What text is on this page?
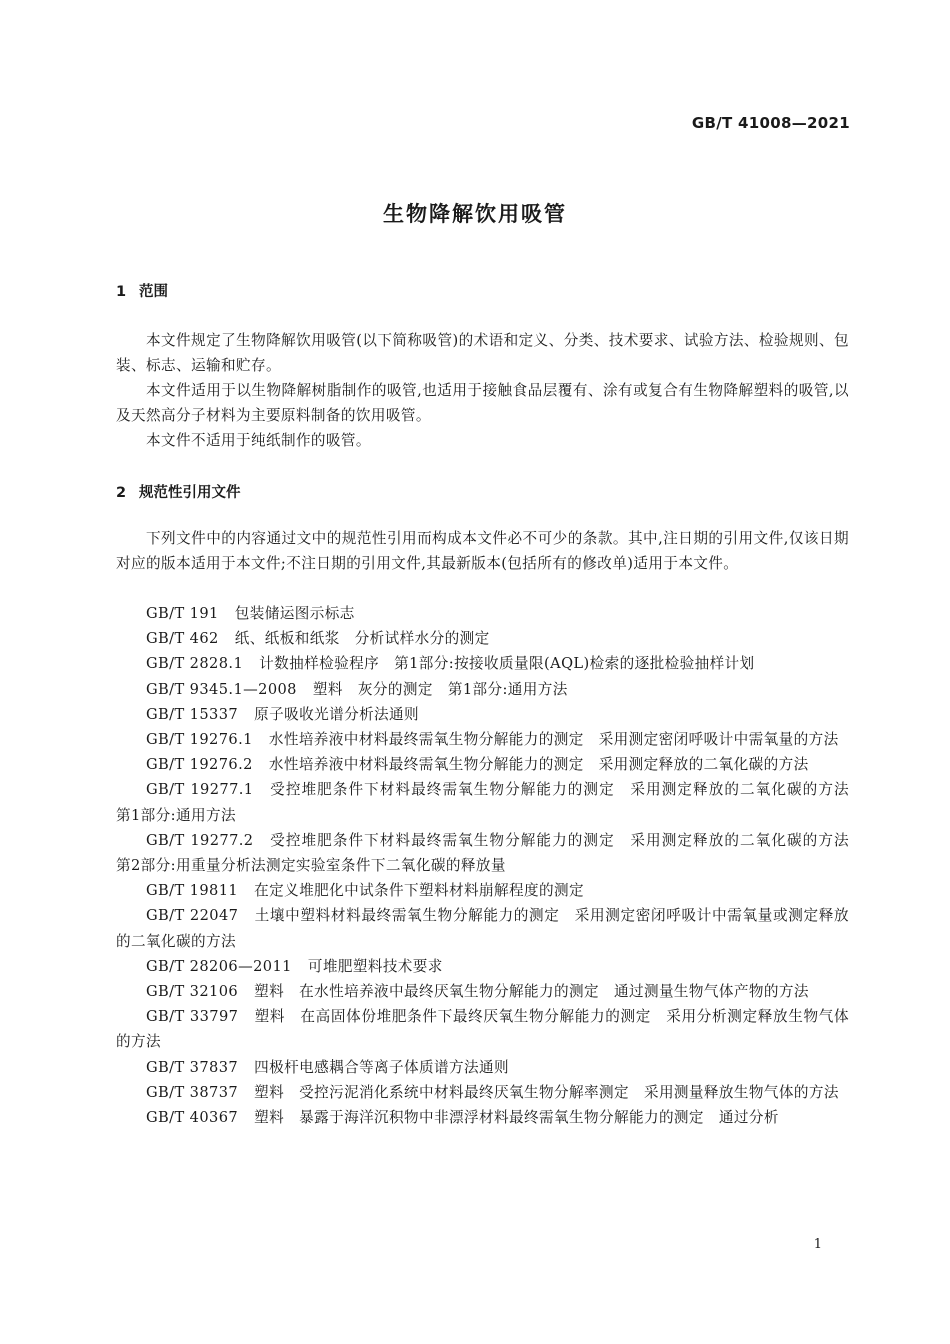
GB/T 41008—2021
生物降解饮用吸管
1 范围

本文件规定了生物降解饮用吸管(以下简称吸管)的术语和定义、分类、技术要求、试验方法、检验规则、包装、标志、运输和贮存。

本文件适用于以生物降解树脂制作的吸管,也适用于接触食品层覆有、涂有或复合有生物降解塑料的吸管,以及天然高分子材料为主要原料制备的饮用吸管。

本文件不适用于纯纸制作的吸管。

2 规范性引用文件

下列文件中的内容通过文中的规范性引用而构成本文件必不可少的条款。其中,注日期的引用文件,仅该日期对应的版本适用于本文件;不注日期的引用文件,其最新版本(包括所有的修改单)适用于本文件。

GB/T 191 包装储运图示标志

GB/T 462 纸、纸板和纸浆　分析试样水分的测定

GB/T 2828.1 计数抽样检验程序　第1部分:按接收质量限(AQL)检索的逐批检验抽样计划

GB/T 9345.1—2008 塑料　灰分的测定　第1部分:通用方法

GB/T 15337 原子吸收光谱分析法通则

GB/T 19276.1 水性培养液中材料最终需氧生物分解能力的测定　采用测定密闭呼吸计中需氧量的方法

GB/T 19276.2 水性培养液中材料最终需氧生物分解能力的测定　采用测定释放的二氧化碳的方法

GB/T 19277.1 受控堆肥条件下材料最终需氧生物分解能力的测定　采用测定释放的二氧化碳的方法　第1部分:通用方法

GB/T 19277.2 受控堆肥条件下材料最终需氧生物分解能力的测定　采用测定释放的二氧化碳的方法　第2部分:用重量分析法测定实验室条件下二氧化碳的释放量

GB/T 19811 在定义堆肥化中试条件下塑料材料崩解程度的测定

GB/T 22047 土壤中塑料材料最终需氧生物分解能力的测定　采用测定密闭呼吸计中需氧量或测定释放的二氧化碳的方法

GB/T 28206—2011 可堆肥塑料技术要求

GB/T 32106 塑料　在水性培养液中最终厌氧生物分解能力的测定　通过测量生物气体产物的方法

GB/T 33797 塑料　在高固体份堆肥条件下最终厌氧生物分解能力的测定　采用分析测定释放生物气体的方法

GB/T 37837 四极杆电感耦合等离子体质谱方法通则

GB/T 38737 塑料　受控污泥消化系统中材料最终厌氧生物分解率测定　采用测量释放生物气体的方法

GB/T 40367 塑料　暴露于海洋沉积物中非漂浮材料最终需氧生物分解能力的测定　通过分析

1
